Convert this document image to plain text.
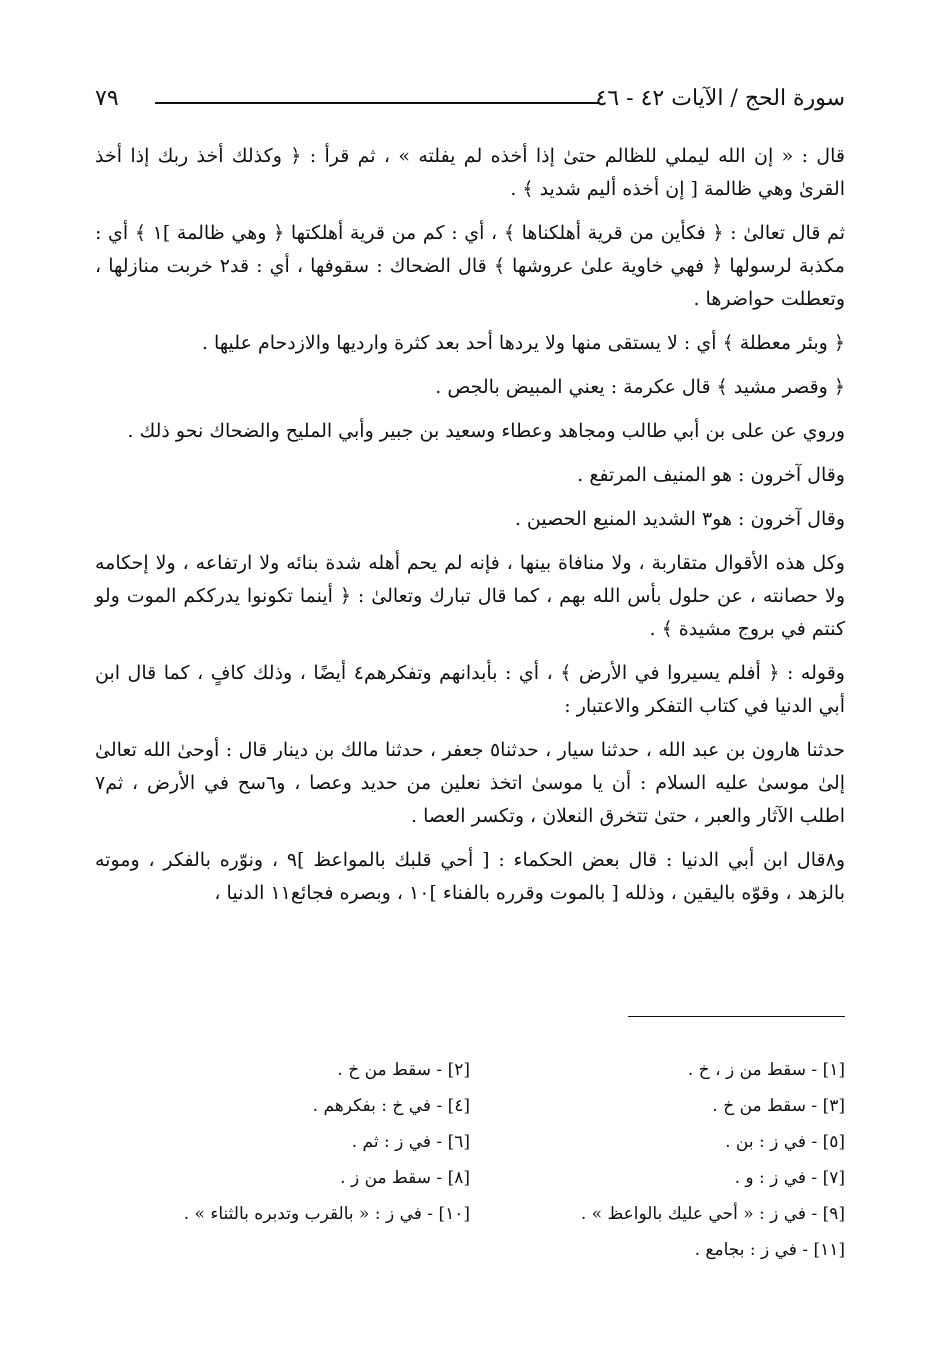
سورة الحج / الآيات ٤٢ - ٤٦
٧٩

قال : « إن الله ليملي للظالم حتىٰ إذا أخذه لم يفلته » ، ثم قرأ : ﴿ وكذلك أخذ ربك إذا أخذ القرىٰ وهي ظالمة [ إن أخذه أليم شديد ﴾ .

ثم قال تعالىٰ : ﴿ فكأين من قرية أهلكناها ﴾ ، أي : كم من قرية أهلكتها ﴿ وهي ظالمة ]١ ﴾ أي : مكذبة لرسولها ﴿ فهي خاوية علىٰ عروشها ﴾ قال الضحاك : سقوفها ، أي : قد٢ خربت منازلها ، وتعطلت حواضرها .

﴿ وبئر معطلة ﴾ أي : لا يستقى منها ولا يردها أحد بعد كثرة وارديها والازدحام عليها .

﴿ وقصر مشيد ﴾ قال عكرمة : يعني المبيض بالجص .

وروي عن على بن أبي طالب ومجاهد وعطاء وسعيد بن جبير وأبي المليح والضحاك نحو ذلك .

وقال آخرون : هو المنيف المرتفع .

وقال آخرون : هو٣ الشديد المنيع الحصين .

وكل هذه الأقوال متقاربة ، ولا منافاة بينها ، فإنه لم يحم أهله شدة بنائه ولا ارتفاعه ، ولا إحكامه ولا حصانته ، عن حلول بأس الله بهم ، كما قال تبارك وتعالىٰ : ﴿ أينما تكونوا يدرككم الموت ولو كنتم في بروج مشيدة ﴾ .

وقوله : ﴿ أفلم يسيروا في الأرض ﴾ ، أي : بأبدانهم وتفكرهم٤ أيضًا ، وذلك كافٍ ، كما قال ابن أبي الدنيا في كتاب التفكر والاعتبار :

حدثنا هارون بن عبد الله ، حدثنا سيار ، حدثنا٥ جعفر ، حدثنا مالك بن دينار قال : أوحىٰ الله تعالىٰ إلىٰ موسىٰ عليه السلام : أن يا موسىٰ اتخذ نعلين من حديد وعصا ، و٦سح في الأرض ، ثم٧ اطلب الآثار والعبر ، حتىٰ تتخرق النعلان ، وتكسر العصا .

و٨قال ابن أبي الدنيا : قال بعض الحكماء : [ أحي قلبك بالمواعظ ]٩ ، ونوّره بالفكر ، وموته بالزهد ، وقوّه باليقين ، وذلله [ بالموت وقرره بالفناء ]١٠ ، وبصره فجائع١١ الدنيا ،

[١] - سقط من ز ، خ .
[٢] - سقط من خ .
[٣] - سقط من خ .
[٤] - في خ : بفكرهم .
[٥] - في ز : بن .
[٦] - في ز : ثم .
[٧] - في ز : و .
[٨] - سقط من ز .
[٩] - في ز : « أحي عليك بالواعظ » .
[١٠] - في ز : « بالقرب وتدبره بالثناء » .
[١١] - في ز : بجامع .
